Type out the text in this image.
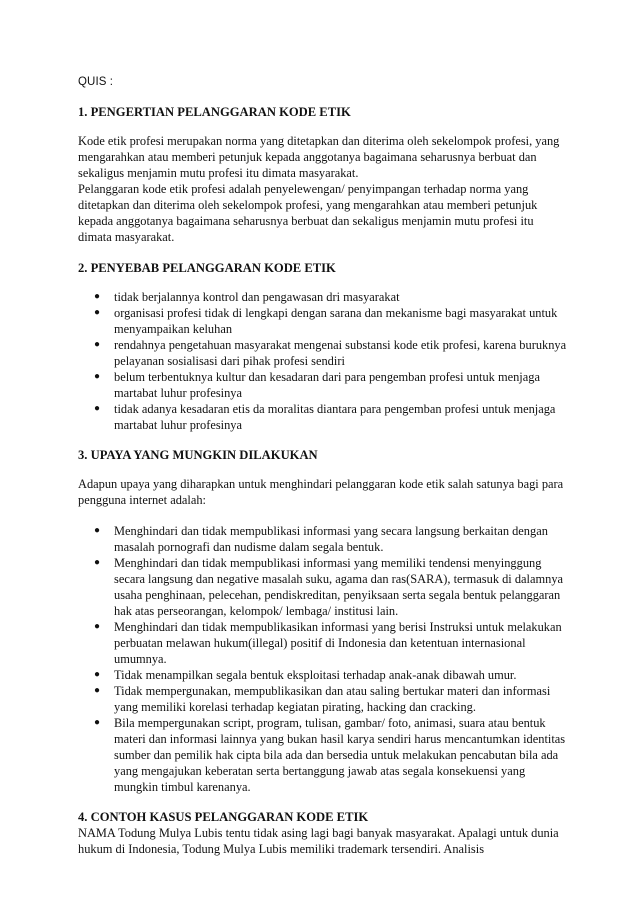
QUIS :
1. PENGERTIAN PELANGGARAN KODE ETIK

Kode etik profesi merupakan norma yang ditetapkan dan diterima oleh sekelompok profesi, yang mengarahkan atau memberi petunjuk kepada anggotanya bagaimana seharusnya berbuat dan sekaligus menjamin mutu profesi itu dimata masyarakat.

Pelanggaran kode etik profesi adalah penyelewengan/ penyimpangan terhadap norma yang ditetapkan dan diterima oleh sekelompok profesi, yang mengarahkan atau memberi petunjuk kepada anggotanya bagaimana seharusnya berbuat dan sekaligus menjamin mutu profesi itu dimata masyarakat.

2. PENYEBAB PELANGGARAN KODE ETIK
● tidak berjalannya kontrol dan pengawasan dri masyarakat
● organisasi profesi tidak di lengkapi dengan sarana dan mekanisme bagi masyarakat untuk menyampaikan keluhan
● rendahnya pengetahuan masyarakat mengenai substansi kode etik profesi, karena buruknya pelayanan sosialisasi dari pihak profesi sendiri
● belum terbentuknya kultur dan kesadaran dari para pengemban profesi untuk menjaga martabat luhur profesinya
● tidak adanya kesadaran etis da moralitas diantara para pengemban profesi untuk menjaga martabat luhur profesinya
3. UPAYA YANG MUNGKIN DILAKUKAN

Adapun upaya yang diharapkan untuk menghindari pelanggaran kode etik salah satunya bagi para pengguna internet adalah:

● Menghindari dan tidak mempublikasi informasi yang secara langsung berkaitan dengan masalah pornografi dan nudisme dalam segala bentuk.
● Menghindari dan tidak mempublikasi informasi yang memiliki tendensi menyinggung secara langsung dan negative masalah suku, agama dan ras(SARA), termasuk di dalamnya usaha penghinaan, pelecehan, pendiskreditan, penyiksaan serta segala bentuk pelanggaran hak atas perseorangan, kelompok/ lembaga/ institusi lain.
● Menghindari dan tidak mempublikasikan informasi yang berisi Instruksi untuk melakukan perbuatan melawan hukum(illegal) positif di Indonesia dan ketentuan internasional umumnya.
● Tidak menampilkan segala bentuk eksploitasi terhadap anak-anak dibawah umur.
● Tidak mempergunakan, mempublikasikan dan atau saling bertukar materi dan informasi yang memiliki korelasi terhadap kegiatan pirating, hacking dan cracking.
● Bila mempergunakan script, program, tulisan, gambar/ foto, animasi, suara atau bentuk materi dan informasi lainnya yang bukan hasil karya sendiri harus mencantumkan identitas sumber dan pemilik hak cipta bila ada dan bersedia untuk melakukan pencabutan bila ada yang mengajukan keberatan serta bertanggung jawab atas segala konsekuensi yang mungkin timbul karenanya.
4. CONTOH KASUS PELANGGARAN KODE ETIK

NAMA Todung Mulya Lubis tentu tidak asing lagi bagi banyak masyarakat. Apalagi untuk dunia hukum di Indonesia, Todung Mulya Lubis memiliki trademark tersendiri. Analisis
